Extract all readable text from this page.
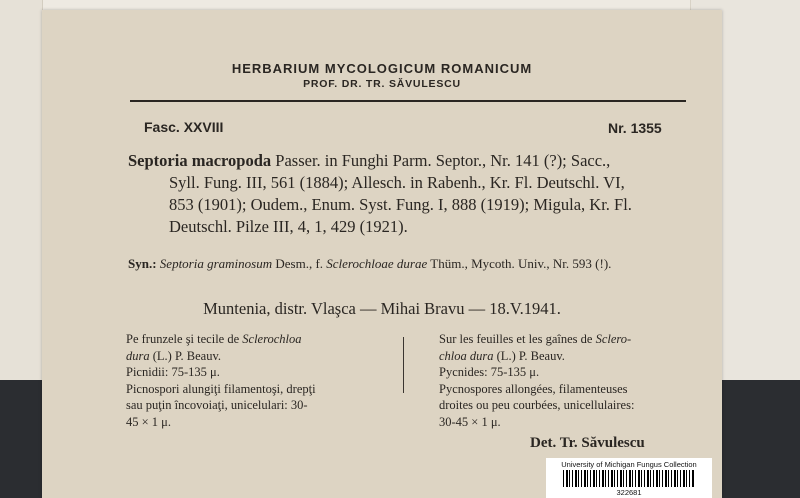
HERBARIUM MYCOLOGICUM ROMANICUM
PROF. DR. TR. SĂVULESCU
Fasc. XXVIII	Nr. 1355

Septoria macropoda Passer. in Funghi Parm. Septor., Nr. 141 (?); Sacc.,

Syll. Fung. III, 561 (1884); Allesch. in Rabenh., Kr. Fl. Deutschl. VI,

853 (1901); Oudem., Enum. Syst. Fung. I, 888 (1919); Migula, Kr. Fl.

Deutschl. Pilze III, 4, 1, 429 (1921).

Syn.: Septoria graminosum Desm., f. Sclerochloae durae Thüm., Mycoth. Univ., Nr. 593 (!).
Muntenia, distr. Vlaşca — Mihai Bravu — 18.V.1941.

Pe frunzele şi tecile de Sclerochloa

dura (L.) P. Beauv.

Picnidii: 75-135 μ.

Picnospori alungiţi filamentoşi, drepţi

sau puţin încovoiaţi, unicelulari: 30-

45 × 1 μ.

Sur les feuilles et les gaînes de Sclero-

chloa dura (L.) P. Beauv.

Pycnides: 75-135 μ.

Pycnospores allongées, filamenteuses

droites ou peu courbées, unicellulaires:

30-45 × 1 μ.

Det. Tr. Săvulescu
University of Michigan Fungus Collection
322681
